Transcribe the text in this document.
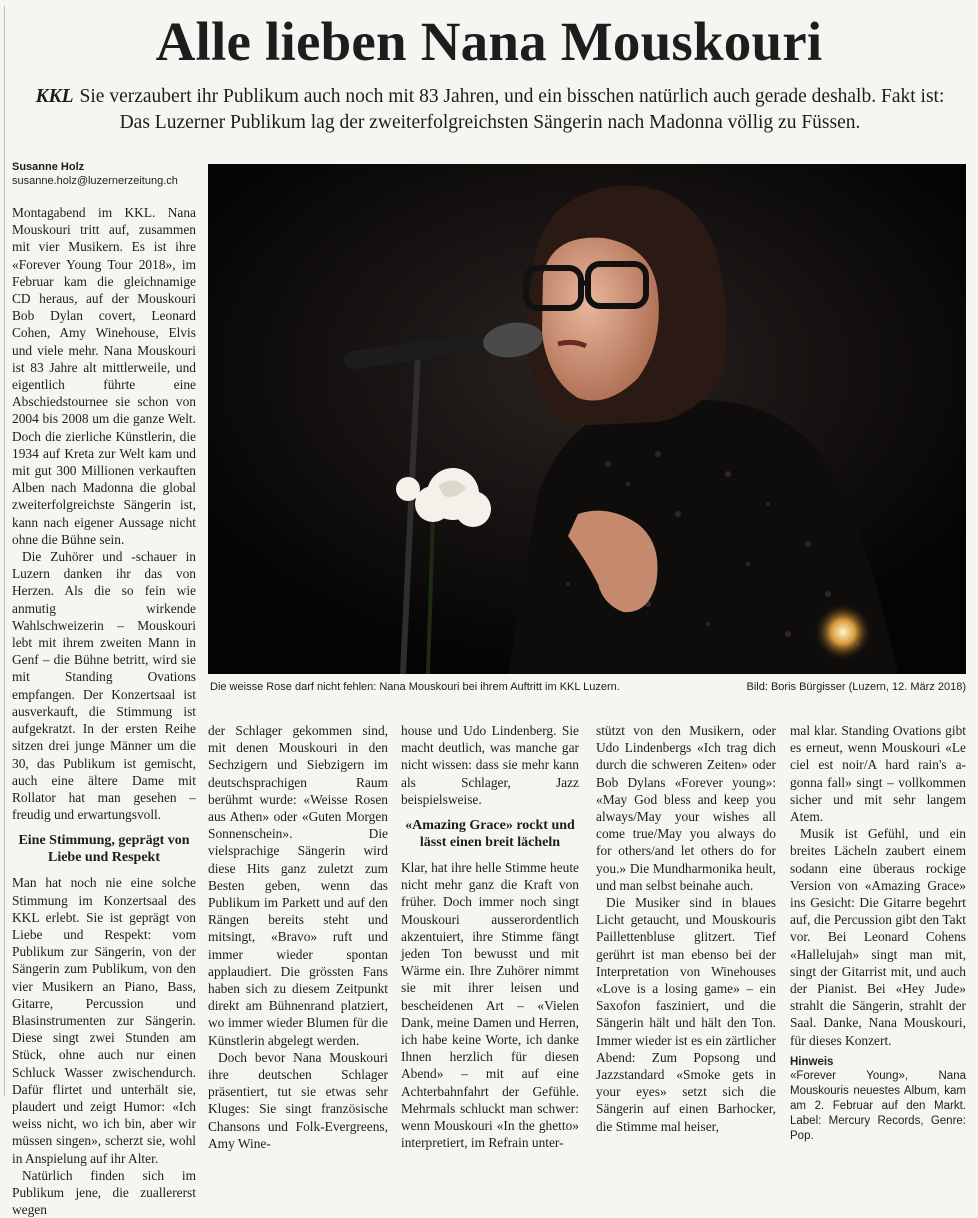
Alle lieben Nana Mouskouri
KKL Sie verzaubert ihr Publikum auch noch mit 83 Jahren, und ein bisschen natürlich auch gerade deshalb. Fakt ist: Das Luzerner Publikum lag der zweiterfolgreichsten Sängerin nach Madonna völlig zu Füssen.
Susanne Holz
susanne.holz@luzernerzeitung.ch
Die weisse Rose darf nicht fehlen: Nana Mouskouri bei ihrem Auftritt im KKL Luzern.	Bild: Boris Bürgisser (Luzern, 12. März 2018)

Montagabend im KKL. Nana Mouskouri tritt auf, zusammen mit vier Musikern. Es ist ihre «Forever Young Tour 2018», im Februar kam die gleichnamige CD heraus, auf der Mouskouri Bob Dylan covert, Leonard Cohen, Amy Winehouse, Elvis und viele mehr. Nana Mouskouri ist 83 Jahre alt mittlerweile, und eigentlich führte eine Abschiedstournee sie schon von 2004 bis 2008 um die ganze Welt. Doch die zierliche Künstlerin, die 1934 auf Kreta zur Welt kam und mit gut 300 Millionen verkauften Alben nach Madonna die global zweiterfolgreichste Sängerin ist, kann nach eigener Aussage nicht ohne die Bühne sein.

Die Zuhörer und -schauer in Luzern danken ihr das von Herzen. Als die so fein wie anmutig wirkende Wahlschweizerin – Mouskouri lebt mit ihrem zweiten Mann in Genf – die Bühne betritt, wird sie mit Standing Ovations empfangen. Der Konzertsaal ist ausverkauft, die Stimmung ist aufgekratzt. In der ersten Reihe sitzen drei junge Männer um die 30, das Publikum ist gemischt, auch eine ältere Dame mit Rollator hat man gesehen – freudig und erwartungsvoll.

Eine Stimmung, geprägt von Liebe und Respekt

Man hat noch nie eine solche Stimmung im Konzertsaal des KKL erlebt. Sie ist geprägt von Liebe und Respekt: vom Publikum zur Sängerin, von der Sängerin zum Publikum, von den vier Musikern an Piano, Bass, Gitarre, Percussion und Blasinstrumenten zur Sängerin. Diese singt zwei Stunden am Stück, ohne auch nur einen Schluck Wasser zwischendurch. Dafür flirtet und unterhält sie, plaudert und zeigt Humor: «Ich weiss nicht, wo ich bin, aber wir müssen singen», scherzt sie, wohl in Anspielung auf ihr Alter.

Natürlich finden sich im Publikum jene, die zuallererst wegen

der Schlager gekommen sind, mit denen Mouskouri in den Sechzigern und Siebzigern im deutschsprachigen Raum berühmt wurde: «Weisse Rosen aus Athen» oder «Guten Morgen Sonnenschein». Die vielsprachige Sängerin wird diese Hits ganz zuletzt zum Besten geben, wenn das Publikum im Parkett und auf den Rängen bereits steht und mitsingt, «Bravo» ruft und immer wieder spontan applaudiert. Die grössten Fans haben sich zu diesem Zeitpunkt direkt am Bühnenrand platziert, wo immer wieder Blumen für die Künstlerin abgelegt werden.

Doch bevor Nana Mouskouri ihre deutschen Schlager präsentiert, tut sie etwas sehr Kluges: Sie singt französische Chansons und Folk-Evergreens, Amy Wine-

house und Udo Lindenberg. Sie macht deutlich, was manche gar nicht wissen: dass sie mehr kann als Schlager, Jazz beispielsweise.

«Amazing Grace» rockt und lässt einen breit lächeln

Klar, hat ihre helle Stimme heute nicht mehr ganz die Kraft von früher. Doch immer noch singt Mouskouri ausserordentlich akzentuiert, ihre Stimme fängt jeden Ton bewusst und mit Wärme ein. Ihre Zuhörer nimmt sie mit ihrer leisen und bescheidenen Art – «Vielen Dank, meine Damen und Herren, ich habe keine Worte, ich danke Ihnen herzlich für diesen Abend» – mit auf eine Achterbahnfahrt der Gefühle. Mehrmals schluckt man schwer: wenn Mouskouri «In the ghetto» interpretiert, im Refrain unter-

stützt von den Musikern, oder Udo Lindenbergs «Ich trag dich durch die schweren Zeiten» oder Bob Dylans «Forever young»: «May God bless and keep you always/May your wishes all come true/May you always do for others/and let others do for you.» Die Mundharmonika heult, und man selbst beinahe auch.

Die Musiker sind in blaues Licht getaucht, und Mouskouris Paillettenbluse glitzert. Tief gerührt ist man ebenso bei der Interpretation von Winehouses «Love is a losing game» – ein Saxofon fasziniert, und die Sängerin hält und hält den Ton. Immer wieder ist es ein zärtlicher Abend: Zum Popsong und Jazzstandard «Smoke gets in your eyes» setzt sich die Sängerin auf einen Barhocker, die Stimme mal heiser,

mal klar. Standing Ovations gibt es erneut, wenn Mouskouri «Le ciel est noir/A hard rain's a-gonna fall» singt – vollkommen sicher und mit sehr langem Atem.

Musik ist Gefühl, und ein breites Lächeln zaubert einem sodann eine überaus rockige Version von «Amazing Grace» ins Gesicht: Die Gitarre begehrt auf, die Percussion gibt den Takt vor. Bei Leonard Cohens «Hallelujah» singt man mit, singt der Gitarrist mit, und auch der Pianist. Bei «Hey Jude» strahlt die Sängerin, strahlt der Saal. Danke, Nana Mouskouri, für dieses Konzert.

Hinweis

«Forever Young», Nana Mouskouris neuestes Album, kam am 2. Februar auf den Markt. Label: Mercury Records, Genre: Pop.
